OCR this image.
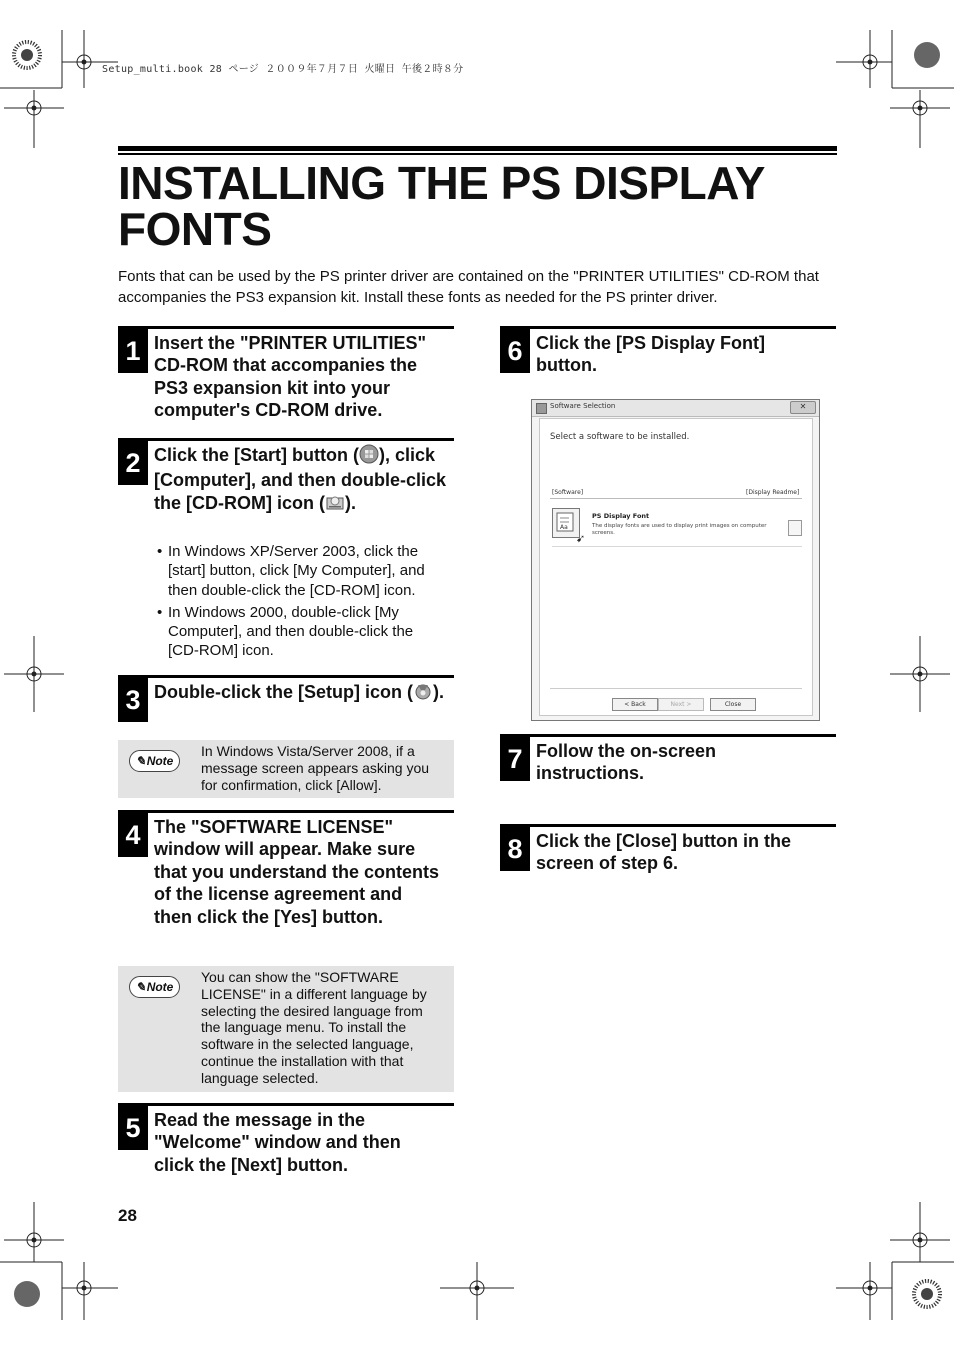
Setup_multi.book 28 ページ ２００９年７月７日 火曜日 午後２時８分
INSTALLING THE PS DISPLAY FONTS
Fonts that can be used by the PS printer driver are contained on the "PRINTER UTILITIES" CD-ROM that accompanies the PS3 expansion kit. Install these fonts as needed for the PS printer driver.
1 Insert the "PRINTER UTILITIES" CD-ROM that accompanies the PS3 expansion kit into your computer's CD-ROM drive.
2 Click the [Start] button ( ), click [Computer], and then double-click the [CD-ROM] icon ( ).
• In Windows XP/Server 2003, click the [start] button, click [My Computer], and then double-click the [CD-ROM] icon.
• In Windows 2000, double-click [My Computer], and then double-click the [CD-ROM] icon.
3 Double-click the [Setup] icon ( ).
✎ Note
In Windows Vista/Server 2008, if a message screen appears asking you for confirmation, click [Allow].
4 The "SOFTWARE LICENSE" window will appear. Make sure that you understand the contents of the license agreement and then click the [Yes] button.
✎ Note
You can show the "SOFTWARE LICENSE" in a different language by selecting the desired language from the language menu. To install the software in the selected language, continue the installation with that language selected.
5 Read the message in the "Welcome" window and then click the [Next] button.
6 Click the [PS Display Font] button.
Software Selection	✕
Select a software to be installed.
[Software]	[Display Readme]
Aa
➹
PS Display Font
The display fonts are used to display print images on computer screens.
< Back	Next >	Close
7 Follow the on-screen instructions.
8 Click the [Close] button in the screen of step 6.
28
